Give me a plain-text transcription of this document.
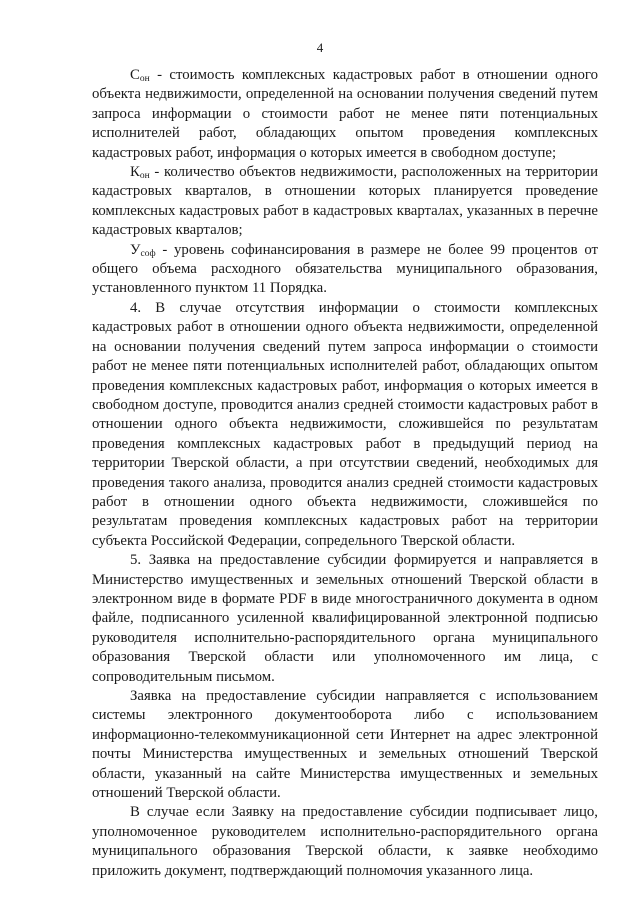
4

$С_{он}$ - стоимость комплексных кадастровых работ в отношении одного объекта недвижимости, определенной на основании получения сведений путем запроса информации о стоимости работ не менее пяти потенциальных исполнителей работ, обладающих опытом проведения комплексных кадастровых работ, информация о которых имеется в свободном доступе;

$К_{он}$ - количество объектов недвижимости, расположенных на территории кадастровых кварталов, в отношении которых планируется проведение комплексных кадастровых работ в кадастровых кварталах, указанных в перечне кадастровых кварталов;

$У_{соф}$ - уровень софинансирования в размере не более 99 процентов от общего объема расходного обязательства муниципального образования, установленного пунктом 11 Порядка.

4. В случае отсутствия информации о стоимости комплексных кадастровых работ в отношении одного объекта недвижимости, определенной на основании получения сведений путем запроса информации о стоимости работ не менее пяти потенциальных исполнителей работ, обладающих опытом проведения комплексных кадастровых работ, информация о которых имеется в свободном доступе, проводится анализ средней стоимости кадастровых работ в отношении одного объекта недвижимости, сложившейся по результатам проведения комплексных кадастровых работ в предыдущий период на территории Тверской области, а при отсутствии сведений, необходимых для проведения такого анализа, проводится анализ средней стоимости кадастровых работ в отношении одного объекта недвижимости, сложившейся по результатам проведения комплексных кадастровых работ на территории субъекта Российской Федерации, сопредельного Тверской области.

5. Заявка на предоставление субсидии формируется и направляется в Министерство имущественных и земельных отношений Тверской области в электронном виде в формате PDF в виде многостраничного документа в одном файле, подписанного усиленной квалифицированной электронной подписью руководителя исполнительно-распорядительного органа муниципального образования Тверской области или уполномоченного им лица, с сопроводительным письмом.

Заявка на предоставление субсидии направляется с использованием системы электронного документооборота либо с использованием информационно-телекоммуникационной сети Интернет на адрес электронной почты Министерства имущественных и земельных отношений Тверской области, указанный на сайте Министерства имущественных и земельных отношений Тверской области.

В случае если Заявку на предоставление субсидии подписывает лицо, уполномоченное руководителем исполнительно-распорядительного органа муниципального образования Тверской области, к заявке необходимо приложить документ, подтверждающий полномочия указанного лица.
